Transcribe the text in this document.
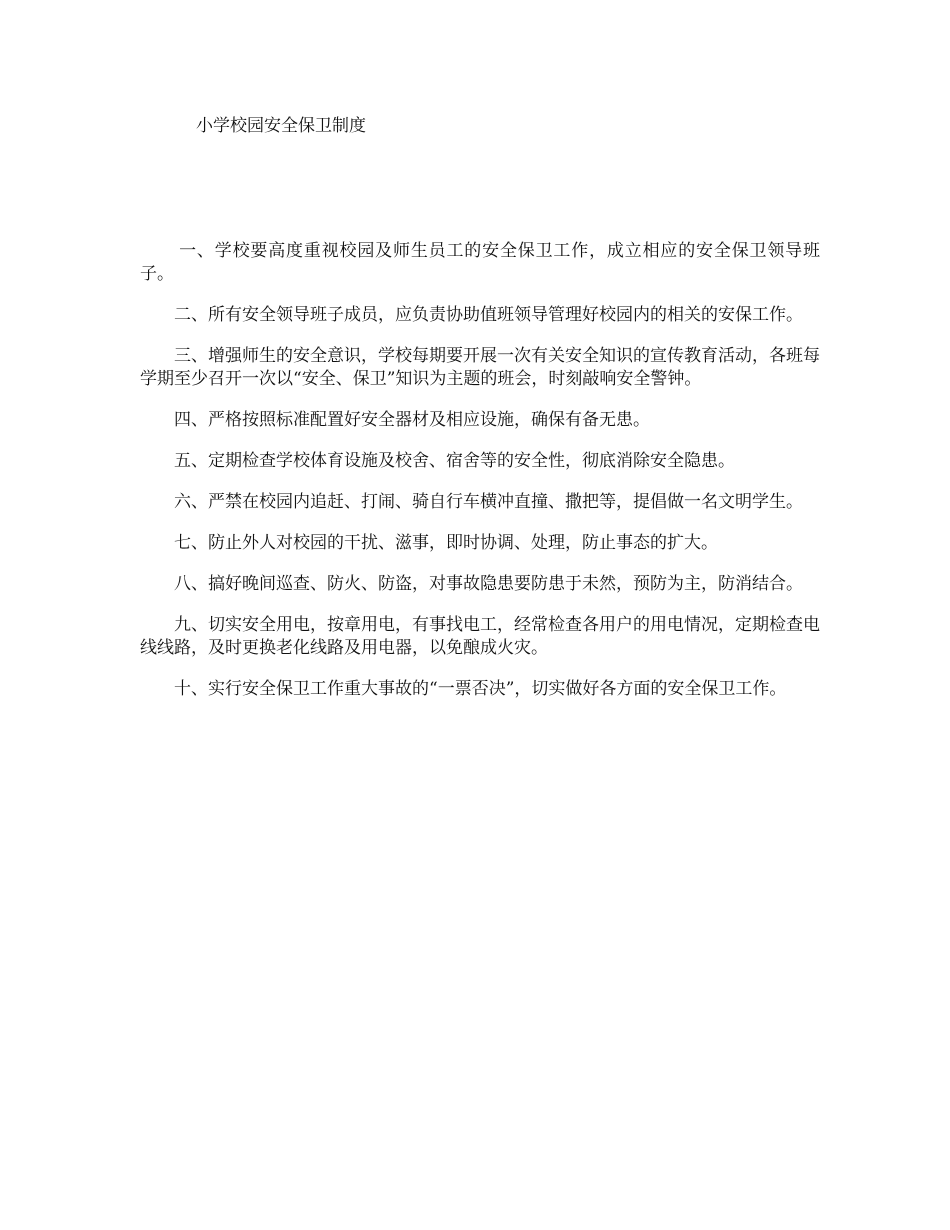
小学校园安全保卫制度

一、学校要高度重视校园及师生员工的安全保卫工作，成立相应的安全保卫领导班子。

二、所有安全领导班子成员，应负责协助值班领导管理好校园内的相关的安保工作。

三、增强师生的安全意识，学校每期要开展一次有关安全知识的宣传教育活动，各班每学期至少召开一次以“安全、保卫”知识为主题的班会，时刻敲响安全警钟。

四、严格按照标准配置好安全器材及相应设施，确保有备无患。

五、定期检查学校体育设施及校舍、宿舍等的安全性，彻底消除安全隐患。

六、严禁在校园内追赶、打闹、骑自行车横冲直撞、撒把等，提倡做一名文明学生。

七、防止外人对校园的干扰、滋事，即时协调、处理，防止事态的扩大。

八、搞好晚间巡查、防火、防盗，对事故隐患要防患于未然，预防为主，防消结合。

九、切实安全用电，按章用电，有事找电工，经常检查各用户的用电情况，定期检查电线线路，及时更换老化线路及用电器，以免酿成火灾。

十、实行安全保卫工作重大事故的“一票否决”，切实做好各方面的安全保卫工作。
